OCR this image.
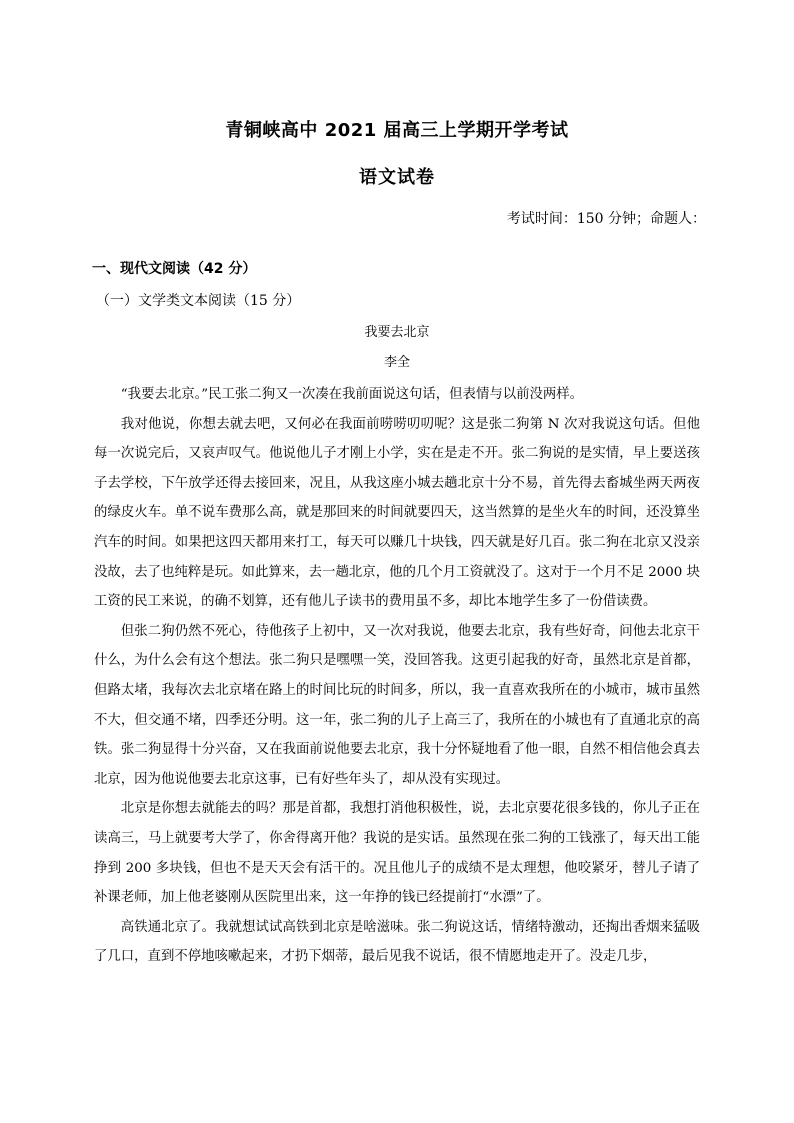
青铜峡高中 2021 届高三上学期开学考试
语文试卷
考试时间：150 分钟；命题人：
一、现代文阅读（42 分）
（一）文学类文本阅读（15 分）
我要去北京
李全

“我要去北京。”民工张二狗又一次凑在我前面说这句话，但表情与以前没两样。

我对他说，你想去就去吧，又何必在我面前唠唠叨叨呢？这是张二狗第 N 次对我说这句话。但他每一次说完后，又哀声叹气。他说他儿子才刚上小学，实在是走不开。张二狗说的是实情，早上要送孩子去学校，下午放学还得去接回来，况且，从我这座小城去趟北京十分不易，首先得去畜城坐两天两夜的绿皮火车。单不说车费那么高，就是那回来的时间就要四天，这当然算的是坐火车的时间，还没算坐汽车的时间。如果把这四天都用来打工，每天可以赚几十块钱，四天就是好几百。张二狗在北京又没亲没故，去了也纯粹是玩。如此算来，去一趟北京，他的几个月工资就没了。这对于一个月不足 2000 块工资的民工来说，的确不划算，还有他儿子读书的费用虽不多，却比本地学生多了一份借读费。

但张二狗仍然不死心，待他孩子上初中，又一次对我说，他要去北京，我有些好奇，问他去北京干什么，为什么会有这个想法。张二狗只是嘿嘿一笑，没回答我。这更引起我的好奇，虽然北京是首都，但路太堵，我每次去北京堵在路上的时间比玩的时间多，所以，我一直喜欢我所在的小城市，城市虽然不大，但交通不堵，四季还分明。这一年，张二狗的儿子上高三了，我所在的小城也有了直通北京的高铁。张二狗显得十分兴奋，又在我面前说他要去北京，我十分怀疑地看了他一眼，自然不相信他会真去北京，因为他说他要去北京这事，已有好些年头了，却从没有实现过。

北京是你想去就能去的吗？那是首都，我想打消他积极性，说，去北京要花很多钱的，你儿子正在读高三，马上就要考大学了，你舍得离开他？我说的是实话。虽然现在张二狗的工钱涨了，每天出工能挣到 200 多块钱，但也不是天天会有活干的。况且他儿子的成绩不是太理想，他咬紧牙，替儿子请了补课老师，加上他老婆刚从医院里出来，这一年挣的钱已经提前打“水漂”了。

高铁通北京了。我就想试试高铁到北京是啥滋味。张二狗说这话，情绪特激动，还掏出香烟来猛吸了几口，直到不停地咳嗽起来，才扔下烟蒂，最后见我不说话，很不情愿地走开了。没走几步，
